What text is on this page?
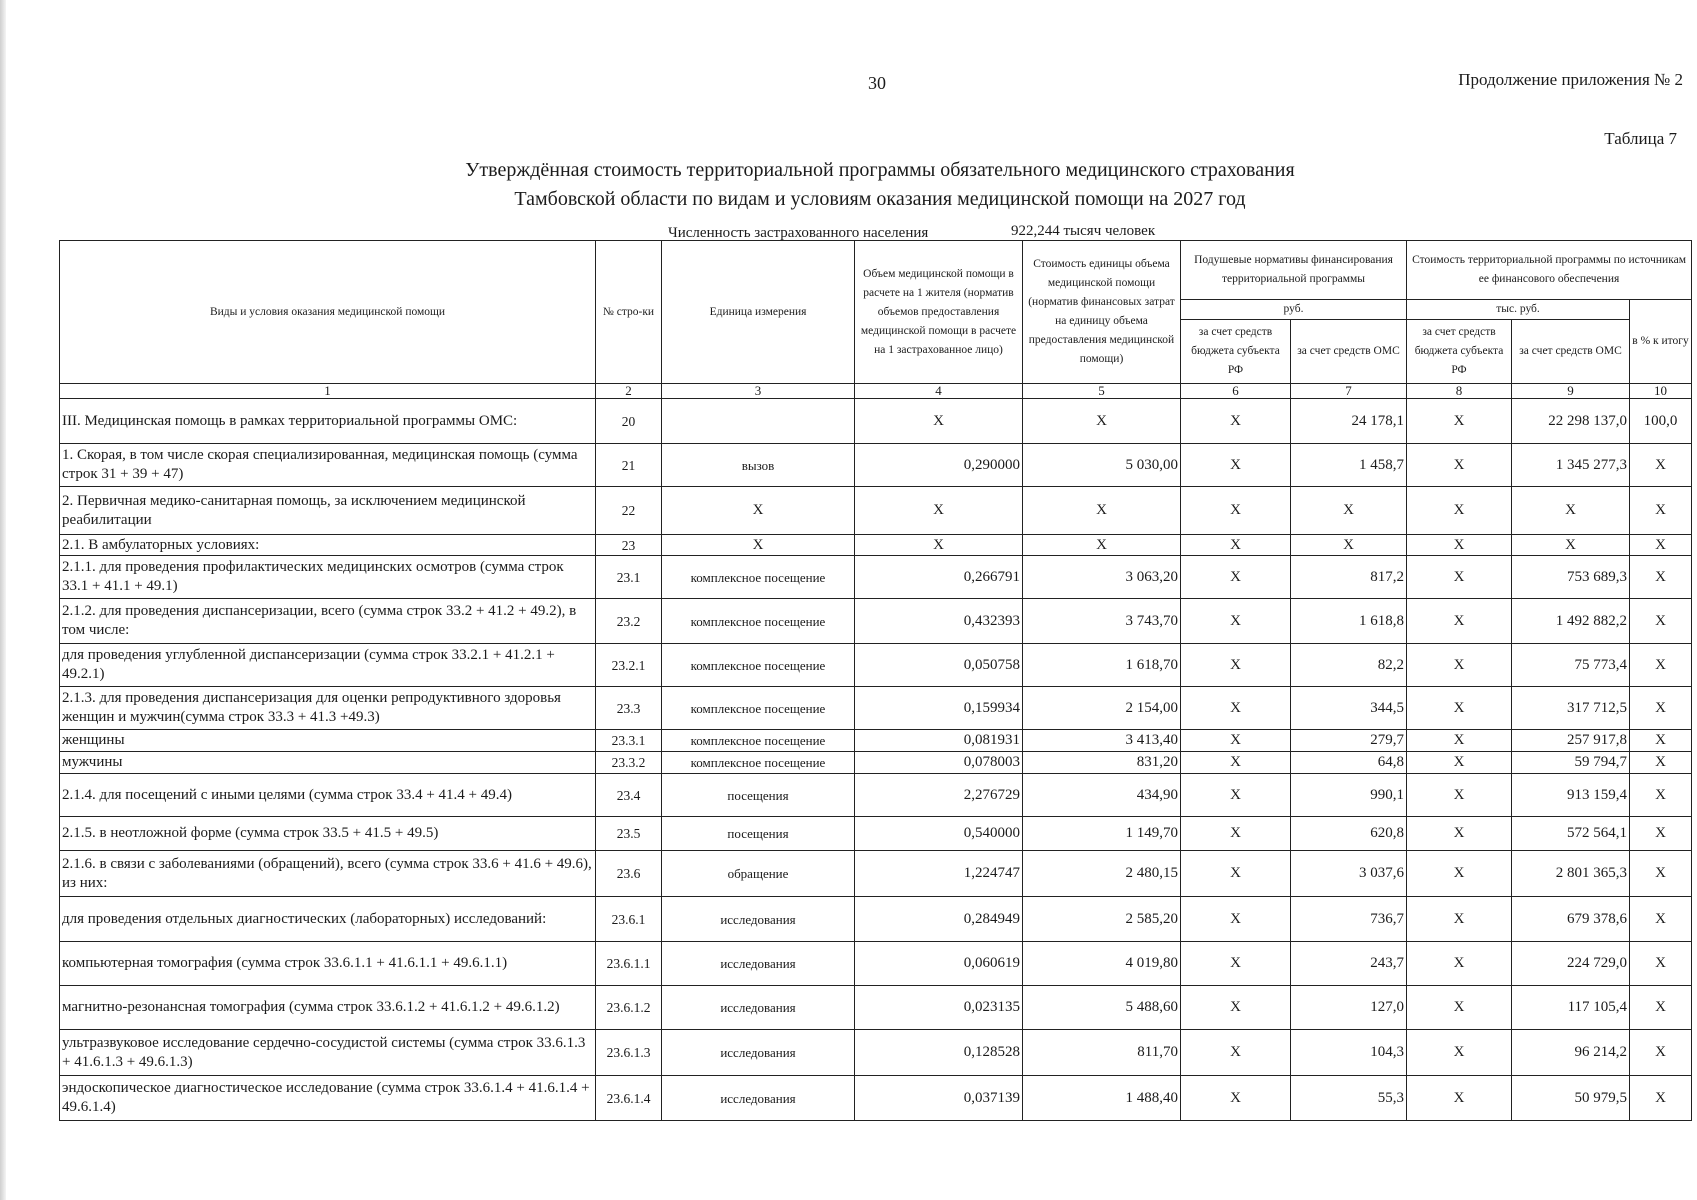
30	Продолжение приложения № 2
Таблица 7
Утверждённая стоимость территориальной программы обязательного медицинского страхования
Тамбовской области по видам и условиям оказания медицинской помощи на 2027 год
Численность застрахованного населения	922,244 тысяч человек
Виды и условия оказания медицинской помощи	№ стро-ки	Единица измерения	Объем медицинской помощи в расчете на 1 жителя (норматив объемов предоставления медицинской помощи в расчете на 1 застрахованное лицо)	Стоимость единицы объема медицинской помощи (норматив финансовых затрат на единицу объема предоставления медицинской помощи)	Подушевые нормативы финансирования территориальной программы		Стоимость территориальной программы по источникам ее финансового обеспечения		
					руб.		тыс. руб.		в % к итогу
					за счет средств бюджета субъекта РФ	за счет средств ОМС	за счет средств бюджета субъекта РФ	за счет средств ОМС	
1	2	3	4	5	6	7	8	9	10
III. Медицинская помощь в рамках территориальной программы ОМС:	20		Х	Х	Х	24 178,1	Х	22 298 137,0	100,0
1. Скорая, в том числе скорая специализированная, медицинская помощь (сумма строк 31 + 39 + 47)	21	вызов	0,290000	5 030,00	Х	1 458,7	Х	1 345 277,3	Х
2. Первичная медико-санитарная помощь, за исключением медицинской реабилитации	22	Х	Х	Х	Х	Х	Х	Х	Х
2.1. В амбулаторных условиях:	23	Х	Х	Х	Х	Х	Х	Х	Х
2.1.1. для проведения профилактических медицинских осмотров (сумма строк 33.1 + 41.1 + 49.1)	23.1	комплексное посещение	0,266791	3 063,20	Х	817,2	Х	753 689,3	Х
2.1.2. для проведения диспансеризации, всего (сумма строк 33.2 + 41.2 + 49.2), в том числе:	23.2	комплексное посещение	0,432393	3 743,70	Х	1 618,8	Х	1 492 882,2	Х
для проведения углубленной диспансеризации (сумма строк 33.2.1 + 41.2.1 + 49.2.1)	23.2.1	комплексное посещение	0,050758	1 618,70	Х	82,2	Х	75 773,4	Х
2.1.3. для проведения диспансеризация для оценки репродуктивного здоровья женщин и мужчин(сумма строк 33.3 + 41.3 +49.3)	23.3	комплексное посещение	0,159934	2 154,00	Х	344,5	Х	317 712,5	Х
женщины	23.3.1	комплексное посещение	0,081931	3 413,40	Х	279,7	Х	257 917,8	Х
мужчины	23.3.2	комплексное посещение	0,078003	831,20	Х	64,8	Х	59 794,7	Х
2.1.4. для посещений с иными целями (сумма строк 33.4 + 41.4 + 49.4)	23.4	посещения	2,276729	434,90	Х	990,1	Х	913 159,4	Х
2.1.5. в неотложной форме (сумма строк 33.5 + 41.5 + 49.5)	23.5	посещения	0,540000	1 149,70	Х	620,8	Х	572 564,1	Х
2.1.6. в связи с заболеваниями (обращений), всего (сумма строк 33.6 + 41.6 + 49.6), из них:	23.6	обращение	1,224747	2 480,15	Х	3 037,6	Х	2 801 365,3	Х
для проведения отдельных диагностических (лабораторных) исследований:	23.6.1	исследования	0,284949	2 585,20	Х	736,7	Х	679 378,6	Х
компьютерная томография (сумма строк 33.6.1.1 + 41.6.1.1 + 49.6.1.1)	23.6.1.1	исследования	0,060619	4 019,80	Х	243,7	Х	224 729,0	Х
магнитно-резонансная томография (сумма строк 33.6.1.2 + 41.6.1.2 + 49.6.1.2)	23.6.1.2	исследования	0,023135	5 488,60	Х	127,0	Х	117 105,4	Х
ультразвуковое исследование сердечно-сосудистой системы (сумма строк 33.6.1.3 + 41.6.1.3 + 49.6.1.3)	23.6.1.3	исследования	0,128528	811,70	Х	104,3	Х	96 214,2	Х
эндоскопическое диагностическое исследование (сумма строк 33.6.1.4 + 41.6.1.4 + 49.6.1.4)	23.6.1.4	исследования	0,037139	1 488,40	Х	55,3	Х	50 979,5	Х
